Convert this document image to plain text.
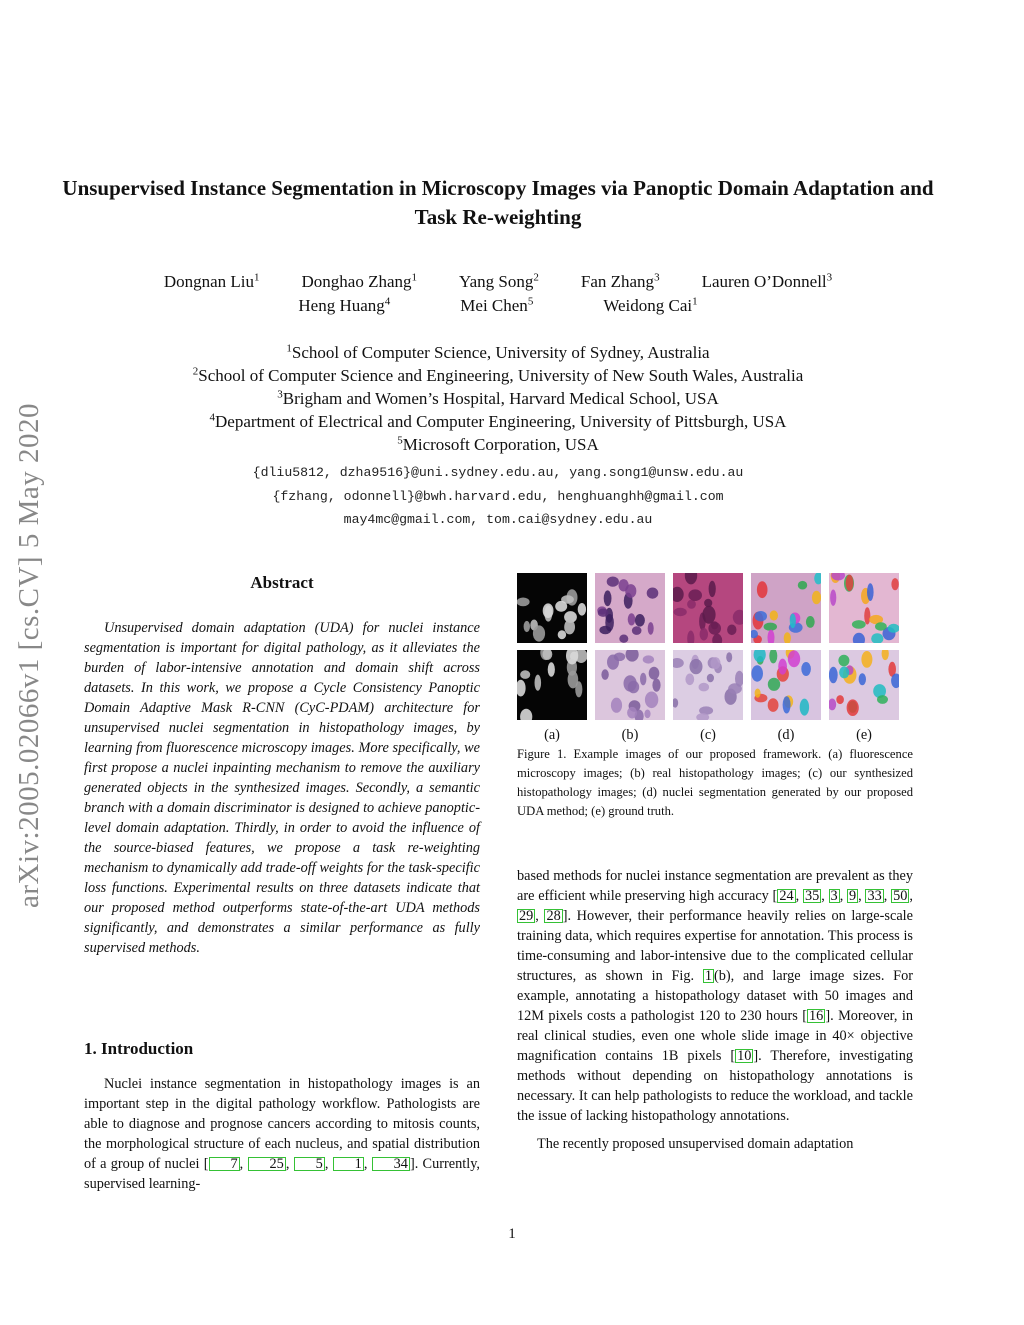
arXiv:2005.02066v1 [cs.CV] 5 May 2020
Unsupervised Instance Segmentation in Microscopy Images via Panoptic Domain Adaptation and Task Re-weighting
Dongnan Liu$^1$ Donghao Zhang$^1$ Yang Song$^2$ Fan Zhang$^3$ Lauren O’Donnell$^3$
Heng Huang$^4$	Mei Chen$^5$	Weidong Cai$^1$
$^1$School of Computer Science, University of Sydney, Australia
$^2$School of Computer Science and Engineering, University of New South Wales, Australia
$^3$Brigham and Women’s Hospital, Harvard Medical School, USA
$^4$Department of Electrical and Computer Engineering, University of Pittsburgh, USA
$^5$Microsoft Corporation, USA
{dliu5812, dzha9516}@uni.sydney.edu.au, yang.song1@unsw.edu.au
{fzhang, odonnell}@bwh.harvard.edu, henghuanghh@gmail.com
may4mc@gmail.com, tom.cai@sydney.edu.au
Abstract

Unsupervised domain adaptation (UDA) for nuclei instance segmentation is important for digital pathology, as it alleviates the burden of labor-intensive annotation and domain shift across datasets. In this work, we propose a Cycle Consistency Panoptic Domain Adaptive Mask R-CNN (CyC-PDAM) architecture for unsupervised nuclei segmentation in histopathology images, by learning from fluorescence microscopy images. More specifically, we first propose a nuclei inpainting mechanism to remove the auxiliary generated objects in the synthesized images. Secondly, a semantic branch with a domain discriminator is designed to achieve panoptic-level domain adaptation. Thirdly, in order to avoid the influence of the source-biased features, we propose a task re-weighting mechanism to dynamically add trade-off weights for the task-specific loss functions. Experimental results on three datasets indicate that our proposed method outperforms state-of-the-art UDA methods significantly, and demonstrates a similar performance as fully supervised methods.

1. Introduction

Nuclei instance segmentation in histopathology images is an important step in the digital pathology workflow. Pathologists are able to diagnose and prognose cancers according to mitosis counts, the morphological structure of each nucleus, and spatial distribution of a group of nuclei [ 7 , 25 , 5 , 1 , 34 ]. Currently, supervised learning-

(a)	(b)	(c)	(d)	(e)
Figure 1. Example images of our proposed framework. (a) fluorescence microscopy images; (b) real histopathology images; (c) our synthesized histopathology images; (d) nuclei segmentation generated by our proposed UDA method; (e) ground truth.

based methods for nuclei instance segmentation are prevalent as they are efficient while preserving high accuracy [ 24 , 35 , 3 , 9 , 33 , 50 , 29 , 28 ]. However, their performance heavily relies on large-scale training data, which requires expertise for annotation. This process is time-consuming and labor-intensive due to the complicated cellular structures, as shown in Fig. 1 (b), and large image sizes. For example, annotating a histopathology dataset with 50 images and 12M pixels costs a pathologist 120 to 230 hours [ 16 ]. Moreover, in real clinical studies, even one whole slide image in 40× objective magnification contains 1B pixels [ 10 ]. Therefore, investigating methods without depending on histopathology annotations is necessary. It can help pathologists to reduce the workload, and tackle the issue of lacking histopathology annotations.

The recently proposed unsupervised domain adaptation

1
